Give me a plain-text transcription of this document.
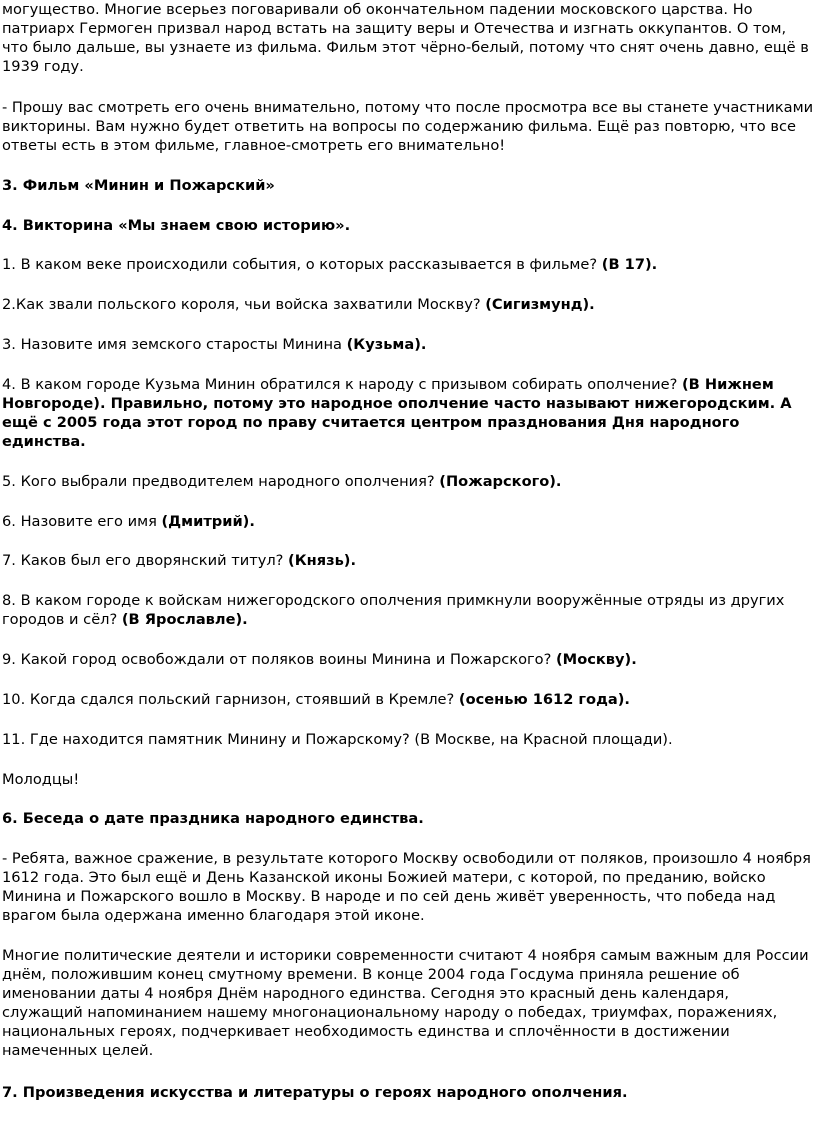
могущество. Многие всерьез поговаривали об окончательном падении московского царства. Но патриарх Гермоген призвал народ встать на защиту веры и Отечества и изгнать оккупантов. О том, что было дальше, вы узнаете из фильма. Фильм этот чёрно-белый, потому что снят очень давно, ещё в 1939 году.

- Прошу вас смотреть его очень внимательно, потому что после просмотра все вы станете участниками викторины. Вам нужно будет ответить на вопросы по содержанию фильма. Ещё раз повторю, что все ответы есть в этом фильме, главное-смотреть его внимательно!

3. Фильм «Минин и Пожарский»

4. Викторина «Мы знаем свою историю».

1. В каком веке происходили события, о которых рассказывается в фильме? (В 17).

2.Как звали польского короля, чьи войска захватили Москву? (Сигизмунд).

3. Назовите имя земского старосты Минина (Кузьма).

4. В каком городе Кузьма Минин обратился к народу с призывом собирать ополчение? (В Нижнем Новгороде). Правильно, потому это народное ополчение часто называют нижегородским. А ещё с 2005 года этот город по праву считается центром празднования Дня народного единства.

5. Кого выбрали предводителем народного ополчения? (Пожарского).

6. Назовите его имя (Дмитрий).

7. Каков был его дворянский титул? (Князь).

8. В каком городе к войскам нижегородского ополчения примкнули вооружённые отряды из других городов и сёл? (В Ярославле).

9. Какой город освобождали от поляков воины Минина и Пожарского? (Москву).

10. Когда сдался польский гарнизон, стоявший в Кремле? (осенью 1612 года).

11. Где находится памятник Минину и Пожарскому? (В Москве, на Красной площади).

Молодцы!

6. Беседа о дате праздника народного единства.

- Ребята, важное сражение, в результате которого Москву освободили от поляков, произошло 4 ноября 1612 года. Это был ещё и День Казанской иконы Божией матери, с которой, по преданию, войско Минина и Пожарского вошло в Москву. В народе и по сей день живёт уверенность, что победа над врагом была одержана именно благодаря этой иконе.

Многие политические деятели и историки современности считают 4 ноября самым важным для России днём, положившим конец смутному времени. В конце 2004 года Госдума приняла решение об именовании даты 4 ноября Днём народного единства. Сегодня это красный день календаря, служащий напоминанием нашему многонациональному народу о победах, триумфах, поражениях, национальных героях, подчеркивает необходимость единства и сплочённости в достижении намеченных целей.

7. Произведения искусства и литературы о героях народного ополчения.
